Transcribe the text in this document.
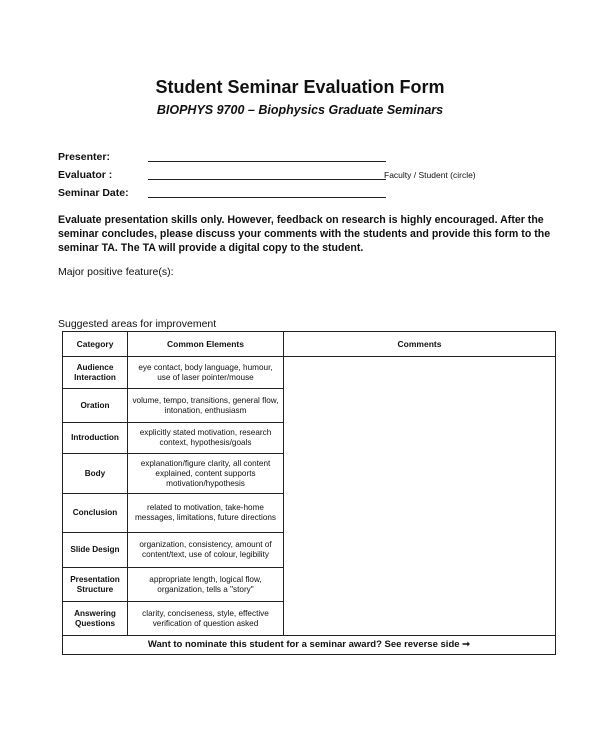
Student Seminar Evaluation Form
BIOPHYS 9700 – Biophysics Graduate Seminars
Presenter:
Evaluator :	Faculty / Student (circle)
Seminar Date:
Evaluate presentation skills only. However, feedback on research is highly encouraged. After the seminar concludes, please discuss your comments with the students and provide this form to the seminar TA. The TA will provide a digital copy to the student.
Major positive feature(s):
Suggested areas for improvement
Category	Common Elements	Comments
Audience Interaction	eye contact, body language, humour, use of laser pointer/mouse	
Oration	volume, tempo, transitions, general flow, intonation, enthusiasm	
Introduction	explicitly stated motivation, research context, hypothesis/goals	
Body	explanation/figure clarity, all content explained, content supports motivation/hypothesis	
Conclusion	related to motivation, take-home messages, limitations, future directions	
Slide Design	organization, consistency, amount of content/text, use of colour, legibility	
Presentation Structure	appropriate length, logical flow, organization, tells a "story"	
Answering Questions	clarity, conciseness, style, effective verification of question asked	
Want to nominate this student for a seminar award? See reverse side ➞		
